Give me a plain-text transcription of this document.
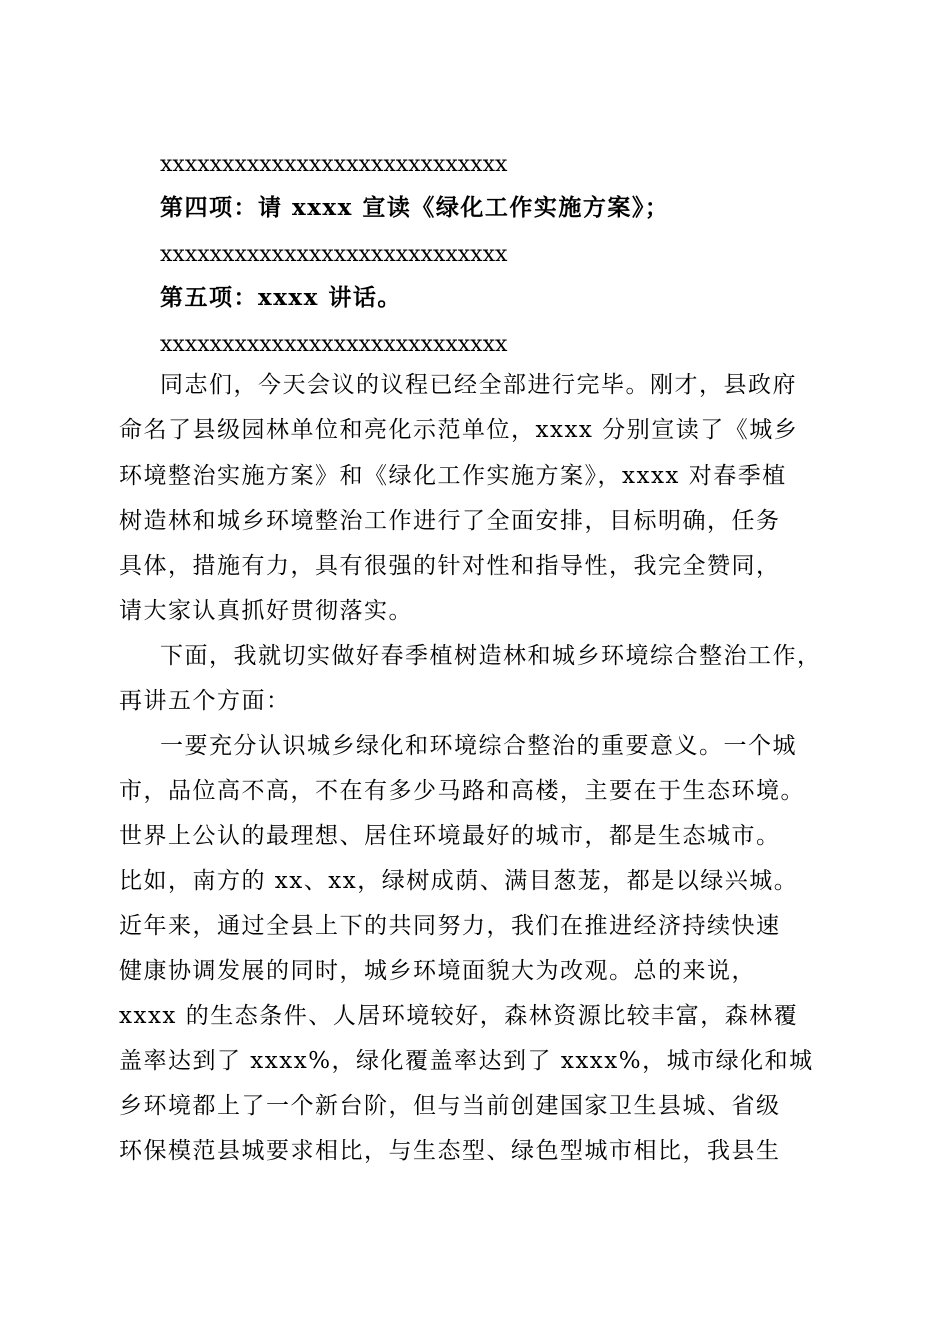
xxxxxxxxxxxxxxxxxxxxxxxxxxxx
第四项：请 xxxx 宣读《绿化工作实施方案》；
xxxxxxxxxxxxxxxxxxxxxxxxxxxx
第五项：xxxx 讲话。
xxxxxxxxxxxxxxxxxxxxxxxxxxxx
同志们，今天会议的议程已经全部进行完毕。刚才，县政府
命名了县级园林单位和亮化示范单位，xxxx 分别宣读了《城乡
环境整治实施方案》和《绿化工作实施方案》，xxxx 对春季植
树造林和城乡环境整治工作进行了全面安排，目标明确，任务
具体，措施有力，具有很强的针对性和指导性，我完全赞同，
请大家认真抓好贯彻落实。
下面，我就切实做好春季植树造林和城乡环境综合整治工作，
再讲五个方面：
一要充分认识城乡绿化和环境综合整治的重要意义。一个城
市，品位高不高，不在有多少马路和高楼，主要在于生态环境。
世界上公认的最理想、居住环境最好的城市，都是生态城市。
比如，南方的 xx、xx，绿树成荫、满目葱茏，都是以绿兴城。
近年来，通过全县上下的共同努力，我们在推进经济持续快速
健康协调发展的同时，城乡环境面貌大为改观。总的来说，
xxxx 的生态条件、人居环境较好，森林资源比较丰富，森林覆
盖率达到了 xxxx%，绿化覆盖率达到了 xxxx%，城市绿化和城
乡环境都上了一个新台阶，但与当前创建国家卫生县城、省级
环保模范县城要求相比，与生态型、绿色型城市相比，我县生
